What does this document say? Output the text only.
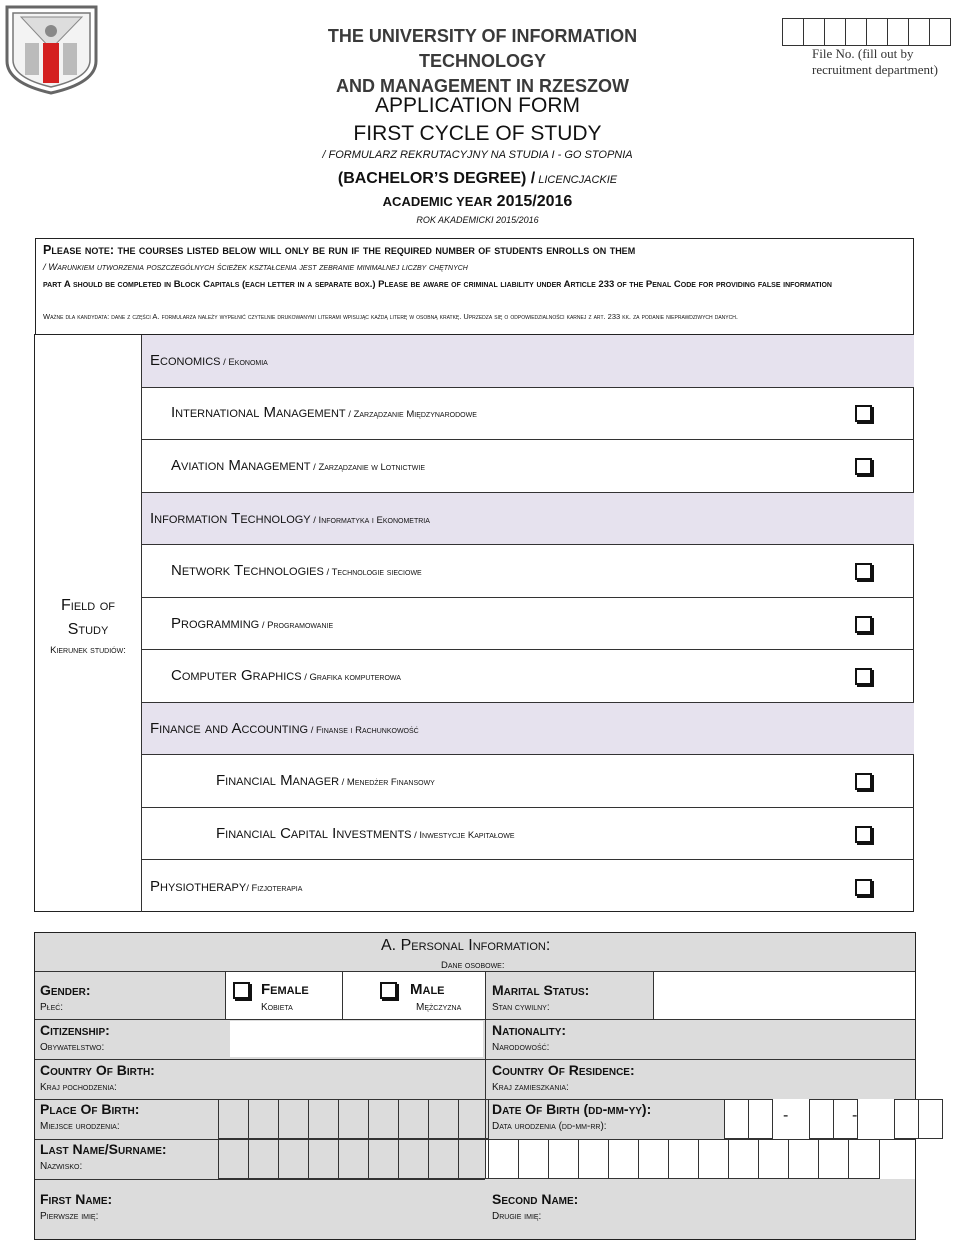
THE UNIVERSITY OF INFORMATION TECHNOLOGY
AND MANAGEMENT IN RZESZOW
File No. (fill out by recruitment department)
APPLICATION FORM
FIRST CYCLE OF STUDY
/ FORMULARZ REKRUTACYJNY NA STUDIA I - GO STOPNIA
(BACHELOR’S DEGREE) / LICENCJACKIE
ACADEMIC YEAR 2015/2016
ROK AKADEMICKI 2015/2016
Please note: the courses listed below will only be run if the required number of students enrolls on them
/ Warunkiem utworzenia poszczególnych ścieżek kształcenia jest zebranie minimalnej liczby chętnych
part A should be completed in Block Capitals (each letter in a separate box.) Please be aware of criminal liability under Article 233 of the Penal Code for providing false information
Ważne dla kandydata: dane z części A. formularza należy wypełnić czytelnie drukowanymi literami wpisując każdą literę w osobną kratkę. Uprzedza się o odpowiedzialności karnej z art. 233 kk. za podanie nieprawdziwych danych.
Field of
Study
Kierunek studiów:
Economics / Ekonomia
International Management / Zarządzanie Międzynarodowe
Aviation Management / Zarządzanie w Lotnictwie
Information Technology / Informatyka i Ekonometria
Network Technologies / Technologie sieciowe
Programming / Programowanie
Computer Graphics / Grafika komputerowa
Finance and Accounting / Finanse i Rachunkowość
Financial Manager / Menedżer Finansowy
Financial Capital Investments / Inwestycje Kapitałowe
Physiotherapy/ Fizjoterapia
A. Personal Information:
Dane osobowe:
Gender:
Płeć:
Female
Kobieta
Male
Mężczyzna
Marital Status:
Stan cywilny:
Citizenship:
Obywatelstwo:
Nationality:
Narodowość:
Country Of Birth:
Kraj pochodzenia:
Country Of Residence:
Kraj zamieszkania:
Place Of Birth:
Miejsce urodzenia:
Date Of Birth (dd-mm-yy):
Data urodzenia (dd-mm-rr):
-	-
Last Name/Surname:
Nazwisko:
First Name:
Pierwsze imię:
Second Name:
Drugie imię:
